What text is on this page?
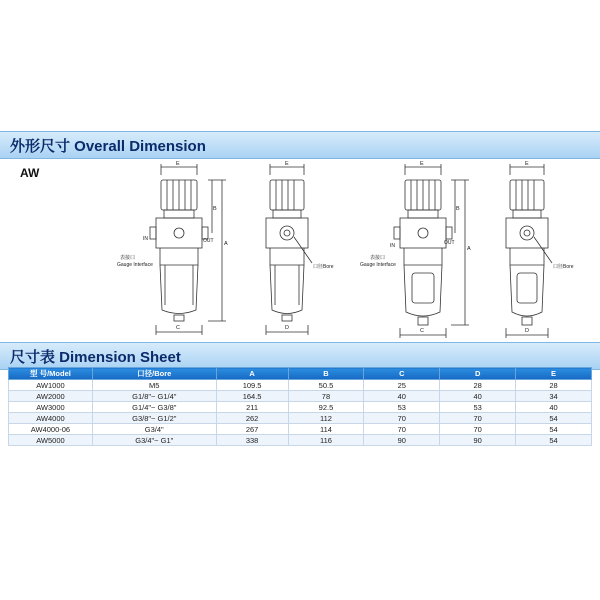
外形尺寸 Overall Dimension
AW
E
B
A
C
E
D
E
B
A
C
E
D
IN	OUT
表接口
Gauge Interface	口径Bore
IN	OUT
表接口
Gauge Interface	口径Bore
尺寸表 Dimension Sheet
型 号/Model	口径/Bore	A	B	C	D	E
AW1000	M5	109.5	50.5	25	28	28
AW2000	G1/8"~ G1/4"	164.5	78	40	40	34
AW3000	G1/4"~ G3/8"	211	92.5	53	53	40
AW4000	G3/8"~ G1/2"	262	112	70	70	54
AW4000-06	G3/4"	267	114	70	70	54
AW5000	G3/4"~ G1"	338	116	90	90	54
